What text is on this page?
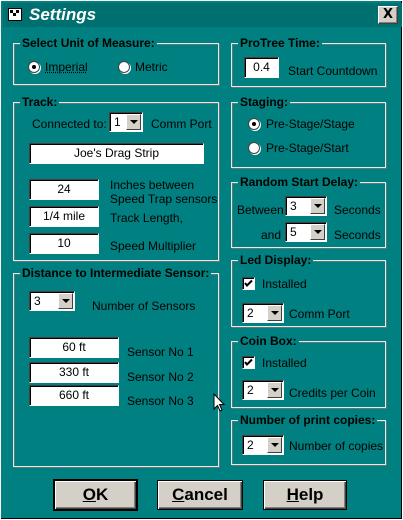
Settings	X
Select Unit of Measure:
Imperial	Metric
Track:
Connected to: 1	Comm Port
Joe's Drag Strip
24	Inches between
Speed Trap sensors
1/4 mile	Track Length,
10	Speed Multiplier
Distance to Intermediate Sensor:
3	Number of Sensors
60 ft	Sensor No 1
330 ft	Sensor No 2
660 ft	Sensor No 3
ProTree Time:
0.4	Start Countdown
Staging:
Pre-Stage/Stage
Pre-Stage/Start
Random Start Delay:
Between 3	Seconds
and 5	Seconds
Led Display:
Installed
2	Comm Port
Coin Box:
Installed
2	Credits per Coin
Number of print copies:
2	Number of copies
OK	Cancel	Help
